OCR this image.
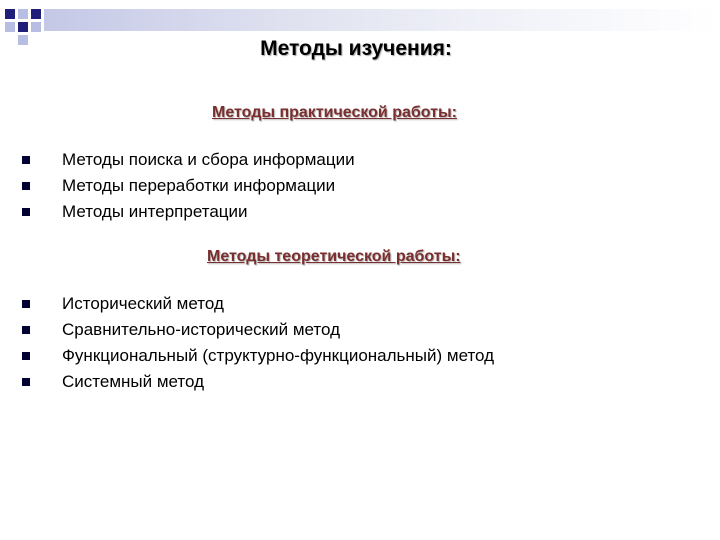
Методы изучения:
Методы практической работы:
Методы поиска и сбора информации
Методы переработки информации
Методы интерпретации
Методы теоретической работы:
Исторический метод
Сравнительно-исторический метод
Функциональный (структурно-функциональный) метод
Системный метод
